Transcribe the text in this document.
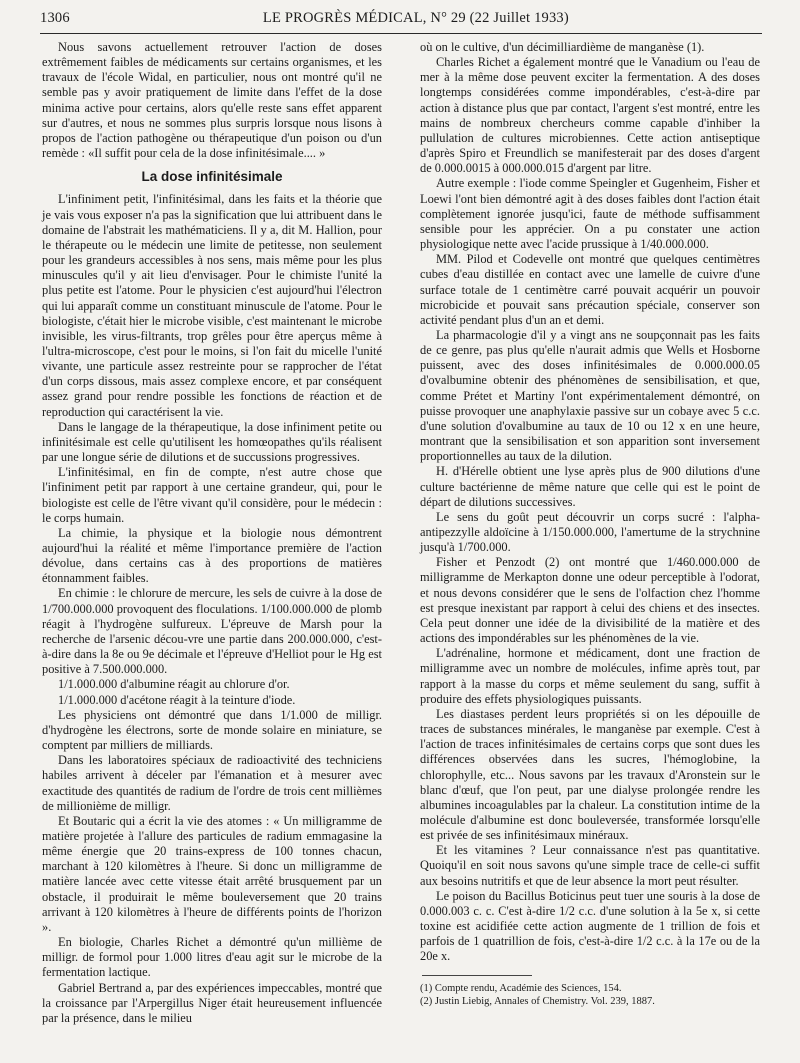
1306	LE PROGRÈS MÉDICAL, N° 29 (22 Juillet 1933)

Nous savons actuellement retrouver l'action de doses extrêmement faibles de médicaments sur certains organismes, et les travaux de l'école Widal, en particulier, nous ont montré qu'il ne semble pas y avoir pratiquement de limite dans l'effet de la dose minima active pour certains, alors qu'elle reste sans effet apparent sur d'autres, et nous ne sommes plus surpris lorsque nous lisons à propos de l'action pathogène ou thérapeutique d'un poison ou d'un remède : «Il suffit pour cela de la dose infinitésimale.... »

La dose infinitésimale

L'infiniment petit, l'infinitésimal, dans les faits et la théorie que je vais vous exposer n'a pas la signification que lui attribuent dans le domaine de l'abstrait les mathématiciens. Il y a, dit M. Hallion, pour le thérapeute ou le médecin une limite de petitesse, non seulement pour les grandeurs accessibles à nos sens, mais même pour les plus minuscules qu'il y ait lieu d'envisager. Pour le chimiste l'unité la plus petite est l'atome. Pour le physicien c'est aujourd'hui l'électron qui lui apparaît comme un constituant minuscule de l'atome. Pour le biologiste, c'était hier le microbe visible, c'est maintenant le microbe invisible, les virus-filtrants, trop grêles pour être aperçus même à l'ultra-microscope, c'est pour le moins, si l'on fait du micelle l'unité vivante, une particule assez restreinte pour se rapprocher de l'état d'un corps dissous, mais assez complexe encore, et par conséquent assez grand pour rendre possible les fonctions de réaction et de reproduction qui caractérisent la vie.

Dans le langage de la thérapeutique, la dose infiniment petite ou infinitésimale est celle qu'utilisent les homœopathes qu'ils réalisent par une longue série de dilutions et de succussions progressives.

L'infinitésimal, en fin de compte, n'est autre chose que l'infiniment petit par rapport à une certaine grandeur, qui, pour le biologiste est celle de l'être vivant qu'il considère, pour le médecin : le corps humain.

La chimie, la physique et la biologie nous démontrent aujourd'hui la réalité et même l'importance première de l'action dévolue, dans certains cas à des proportions de matières étonnamment faibles.

En chimie : le chlorure de mercure, les sels de cuivre à la dose de 1/700.000.000 provoquent des floculations. 1/100.000.000 de plomb réagit à l'hydrogène sulfureux. L'épreuve de Marsh pour la recherche de l'arsenic décou-vre une partie dans 200.000.000, c'est-à-dire dans la 8e ou 9e décimale et l'épreuve d'Helliot pour le Hg est positive à 7.500.000.000.

1/1.000.000 d'albumine réagit au chlorure d'or.

1/1.000.000 d'acétone réagit à la teinture d'iode.

Les physiciens ont démontré que dans 1/1.000 de milligr. d'hydrogène les électrons, sorte de monde solaire en miniature, se comptent par milliers de milliards.

Dans les laboratoires spéciaux de radioactivité des techniciens habiles arrivent à déceler par l'émanation et à mesurer avec exactitude des quantités de radium de l'ordre de trois cent millièmes de millionième de milligr.

Et Boutaric qui a écrit la vie des atomes : « Un milligramme de matière projetée à l'allure des particules de radium emmagasine la même énergie que 20 trains-express de 100 tonnes chacun, marchant à 120 kilomètres à l'heure. Si donc un milligramme de matière lancée avec cette vitesse était arrêté brusquement par un obstacle, il produirait le même bouleversement que 20 trains arrivant à 120 kilomètres à l'heure de différents points de l'horizon ».

En biologie, Charles Richet a démontré qu'un millième de milligr. de formol pour 1.000 litres d'eau agit sur le microbe de la fermentation lactique.

Gabriel Bertrand a, par des expériences impeccables, montré que la croissance par l'Arpergillus Niger était heureusement influencée par la présence, dans le milieu

où on le cultive, d'un décimilliardième de manganèse (1).

Charles Richet a également montré que le Vanadium ou l'eau de mer à la même dose peuvent exciter la fermentation. A des doses longtemps considérées comme impondérables, c'est-à-dire par action à distance plus que par contact, l'argent s'est montré, entre les mains de nombreux chercheurs comme capable d'inhiber la pullulation de cultures microbiennes. Cette action antiseptique d'après Spiro et Freundlich se manifesterait par des doses d'argent de 0.000.0015 à 000.000.015 d'argent par litre.

Autre exemple : l'iode comme Speingler et Gugenheim, Fisher et Loewi l'ont bien démontré agit à des doses faibles dont l'action était complètement ignorée jusqu'ici, faute de méthode suffisamment sensible pour les apprécier. On a pu constater une action physiologique nette avec l'acide prussique à 1/40.000.000.

MM. Pilod et Codevelle ont montré que quelques centimètres cubes d'eau distillée en contact avec une lamelle de cuivre d'une surface totale de 1 centimètre carré pouvait acquérir un pouvoir microbicide et pouvait sans précaution spéciale, conserver son activité pendant plus d'un an et demi.

La pharmacologie d'il y a vingt ans ne soupçonnait pas les faits de ce genre, pas plus qu'elle n'aurait admis que Wells et Hosborne puissent, avec des doses infinitésimales de 0.000.000.05 d'ovalbumine obtenir des phénomènes de sensibilisation, et que, comme Prétet et Martiny l'ont expérimentalement démontré, on puisse provoquer une anaphylaxie passive sur un cobaye avec 5 c.c. d'une solution d'ovalbumine au taux de 10 ou 12 x en une heure, montrant que la sensibilisation et son apparition sont inversement proportionnelles au taux de la dilution.

H. d'Hérelle obtient une lyse après plus de 900 dilutions d'une culture bactérienne de même nature que celle qui est le point de départ de dilutions successives.

Le sens du goût peut découvrir un corps sucré : l'alpha-antipezzylle aldoïcine à 1/150.000.000, l'amertume de la strychnine jusqu'à 1/700.000.

Fisher et Penzodt (2) ont montré que 1/460.000.000 de milligramme de Merkapton donne une odeur perceptible à l'odorat, et nous devons considérer que le sens de l'olfaction chez l'homme est presque inexistant par rapport à celui des chiens et des insectes. Cela peut donner une idée de la divisibilité de la matière et des actions des impondérables sur les phénomènes de la vie.

L'adrénaline, hormone et médicament, dont une fraction de milligramme avec un nombre de molécules, infime après tout, par rapport à la masse du corps et même seulement du sang, suffit à produire des effets physiologiques puissants.

Les diastases perdent leurs propriétés si on les dépouille de traces de substances minérales, le manganèse par exemple. C'est à l'action de traces infinitésimales de certains corps que sont dues les différences observées dans les sucres, l'hémoglobine, la chlorophylle, etc... Nous savons par les travaux d'Aronstein sur le blanc d'œuf, que l'on peut, par une dialyse prolongée rendre les albumines incoagulables par la chaleur. La constitution intime de la molécule d'albumine est donc bouleversée, transformée lorsqu'elle est privée de ses infinitésimaux minéraux.

Et les vitamines ? Leur connaissance n'est pas quantitative. Quoiqu'il en soit nous savons qu'une simple trace de celle-ci suffit aux besoins nutritifs et que de leur absence la mort peut résulter.

Le poison du Bacillus Boticinus peut tuer une souris à la dose de 0.000.003 c. c. C'est à-dire 1/2 c.c. d'une solution à la 5e x, si cette toxine est acidifiée cette action augmente de 1 trillion de fois et parfois de 1 quatrillion de fois, c'est-à-dire 1/2 c.c. à la 17e ou de la 20e x.

(1) Compte rendu, Académie des Sciences, 154.

(2) Justin Liebig, Annales of Chemistry. Vol. 239, 1887.
